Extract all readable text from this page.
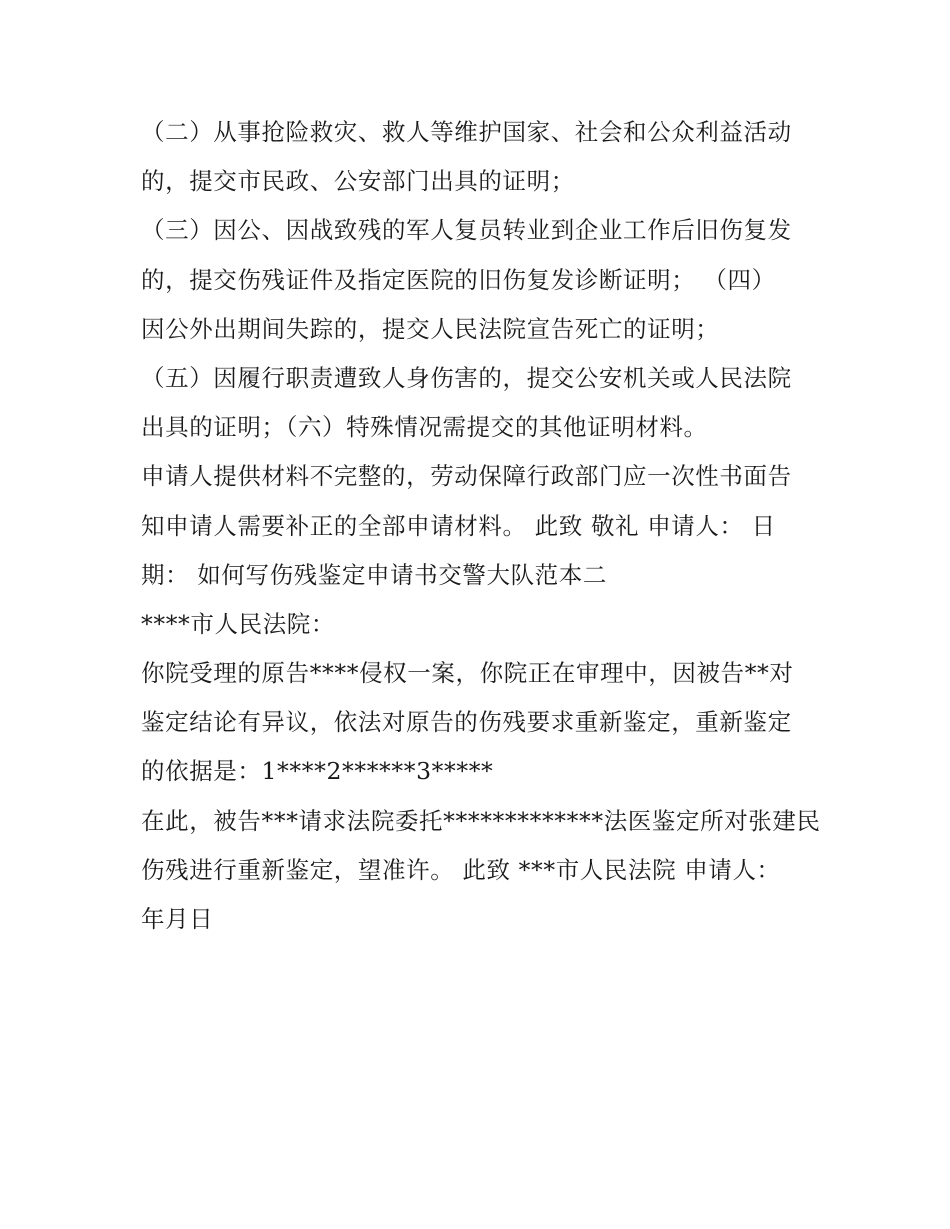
（二）从事抢险救灾、救人等维护国家、社会和公众利益活动
的，提交市民政、公安部门出具的证明；
（三）因公、因战致残的军人复员转业到企业工作后旧伤复发
的，提交伤残证件及指定医院的旧伤复发诊断证明； （四）
因公外出期间失踪的，提交人民法院宣告死亡的证明；
（五）因履行职责遭致人身伤害的，提交公安机关或人民法院
出具的证明；（六）特殊情况需提交的其他证明材料。
申请人提供材料不完整的，劳动保障行政部门应一次性书面告
知申请人需要补正的全部申请材料。 此致 敬礼 申请人： 日
期： 如何写伤残鉴定申请书交警大队范本二
****市人民法院：
你院受理的原告****侵权一案，你院正在审理中，因被告**对
鉴定结论有异议，依法对原告的伤残要求重新鉴定，重新鉴定
的依据是：1****2******3*****
在此，被告***请求法院委托*************法医鉴定所对张建民
伤残进行重新鉴定，望准许。 此致 ***市人民法院 申请人：
年月日
